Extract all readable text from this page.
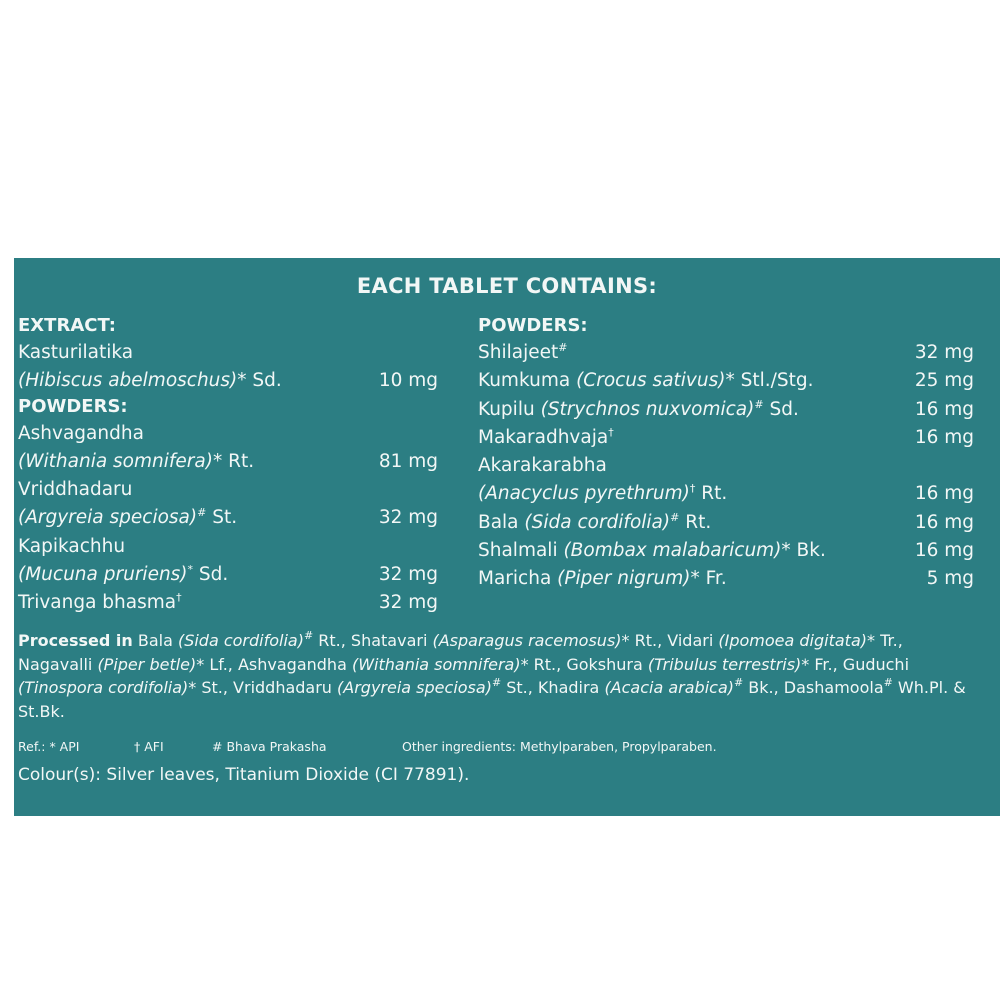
EACH TABLET CONTAINS:
EXTRACT:
Kasturilatika
(Hibiscus abelmoschus)* Sd.	10 mg
POWDERS:
Ashvagandha
(Withania somnifera)* Rt.	81 mg
Vriddhadaru
(Argyreia speciosa)# St.	32 mg
Kapikachhu
(Mucuna pruriens)* Sd.	32 mg
Trivanga bhasma†	32 mg
POWDERS:
Shilajeet#	32 mg
Kumkuma (Crocus sativus)* Stl./Stg.	25 mg
Kupilu (Strychnos nuxvomica)# Sd.	16 mg
Makaradhvaja†	16 mg
Akarakarabha
(Anacyclus pyrethrum)† Rt.	16 mg
Bala (Sida cordifolia)# Rt.	16 mg
Shalmali (Bombax malabaricum)* Bk.	16 mg
Maricha (Piper nigrum)* Fr.	5 mg
Processed in Bala (Sida cordifolia)# Rt., Shatavari (Asparagus racemosus)* Rt., Vidari (Ipomoea digitata)* Tr., Nagavalli (Piper betle)* Lf., Ashvagandha (Withania somnifera)* Rt., Gokshura (Tribulus terrestris)* Fr., Guduchi (Tinospora cordifolia)* St., Vriddhadaru (Argyreia speciosa)# St., Khadira (Acacia arabica)# Bk., Dashamoola# Wh.Pl. & St.Bk.
Ref.: * API	† AFI	# Bhava Prakasha	Other ingredients: Methylparaben, Propylparaben.
Colour(s): Silver leaves, Titanium Dioxide (CI 77891).
